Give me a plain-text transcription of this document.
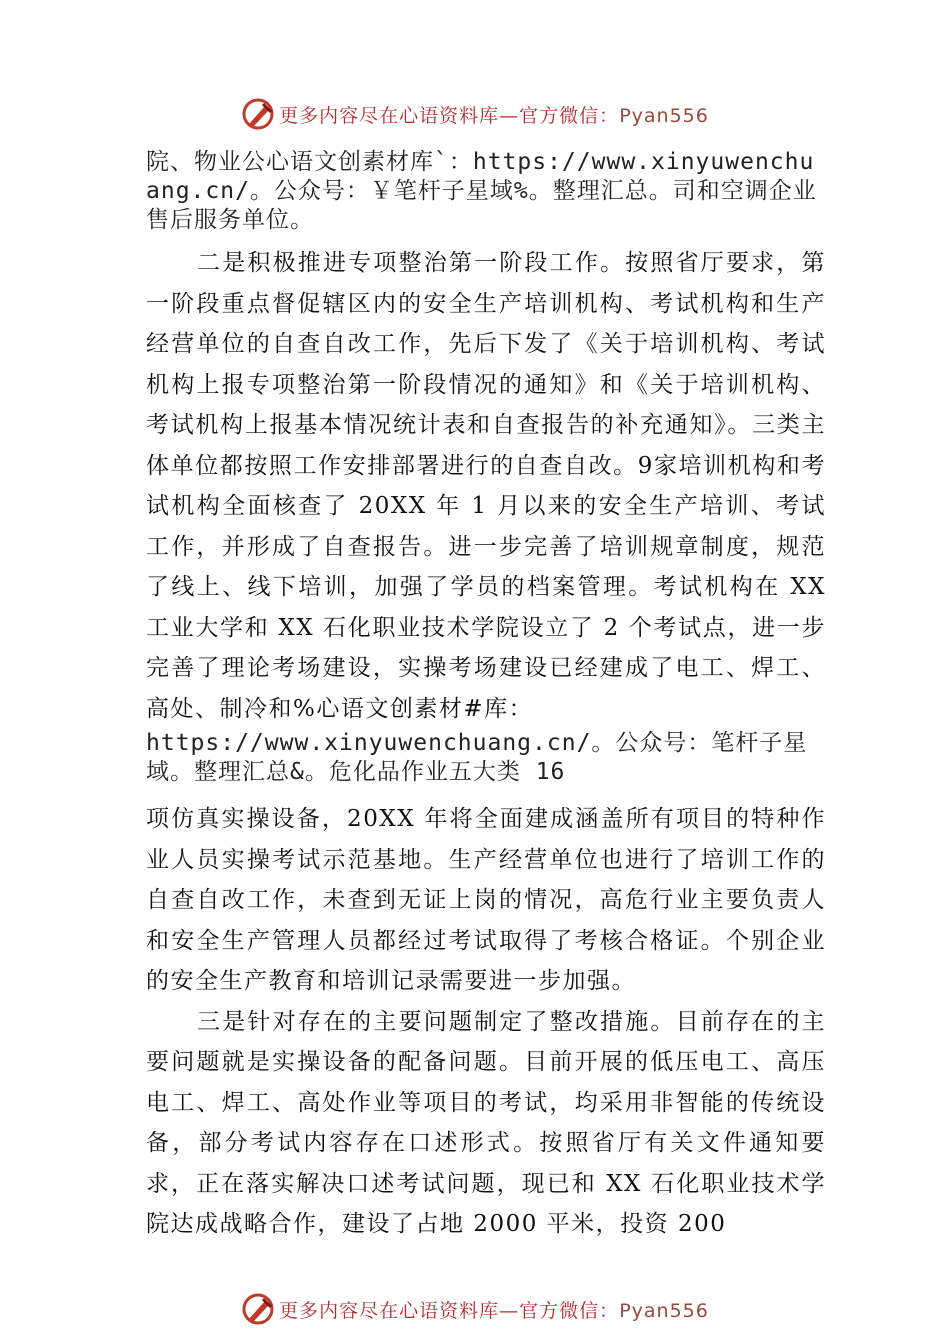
更多内容尽在心语资料库—官方微信：Pyan556

院、物业公心语文创素材库`：https://www.xinyuwenchuang.cn/。公众号：￥笔杆子星域%。整理汇总。司和空调企业售后服务单位。

二是积极推进专项整治第一阶段工作。按照省厅要求，第一阶段重点督促辖区内的安全生产培训机构、考试机构和生产经营单位的自查自改工作，先后下发了《关于培训机构、考试机构上报专项整治第一阶段情况的通知》和《关于培训机构、考试机构上报基本情况统计表和自查报告的补充通知》。三类主体单位都按照工作安排部署进行的自查自改。9家培训机构和考试机构全面核查了 20XX 年 1 月以来的安全生产培训、考试工作，并形成了自查报告。进一步完善了培训规章制度，规范了线上、线下培训，加强了学员的档案管理。考试机构在 XX 工业大学和 XX 石化职业技术学院设立了 2 个考试点，进一步完善了理论考场建设，实操考场建设已经建成了电工、焊工、高处、制冷和%心语文创素材#库：

https://www.xinyuwenchuang.cn/。公众号：笔杆子星域。整理汇总&。危化品作业五大类 16

项仿真实操设备，20XX 年将全面建成涵盖所有项目的特种作业人员实操考试示范基地。生产经营单位也进行了培训工作的自查自改工作，未查到无证上岗的情况，高危行业主要负责人和安全生产管理人员都经过考试取得了考核合格证。个别企业的安全生产教育和培训记录需要进一步加强。

三是针对存在的主要问题制定了整改措施。目前存在的主要问题就是实操设备的配备问题。目前开展的低压电工、高压电工、焊工、高处作业等项目的考试，均采用非智能的传统设备，部分考试内容存在口述形式。按照省厅有关文件通知要求，正在落实解决口述考试问题，现已和 XX 石化职业技术学院达成战略合作，建设了占地 2000 平米，投资 200

更多内容尽在心语资料库—官方微信：Pyan556
